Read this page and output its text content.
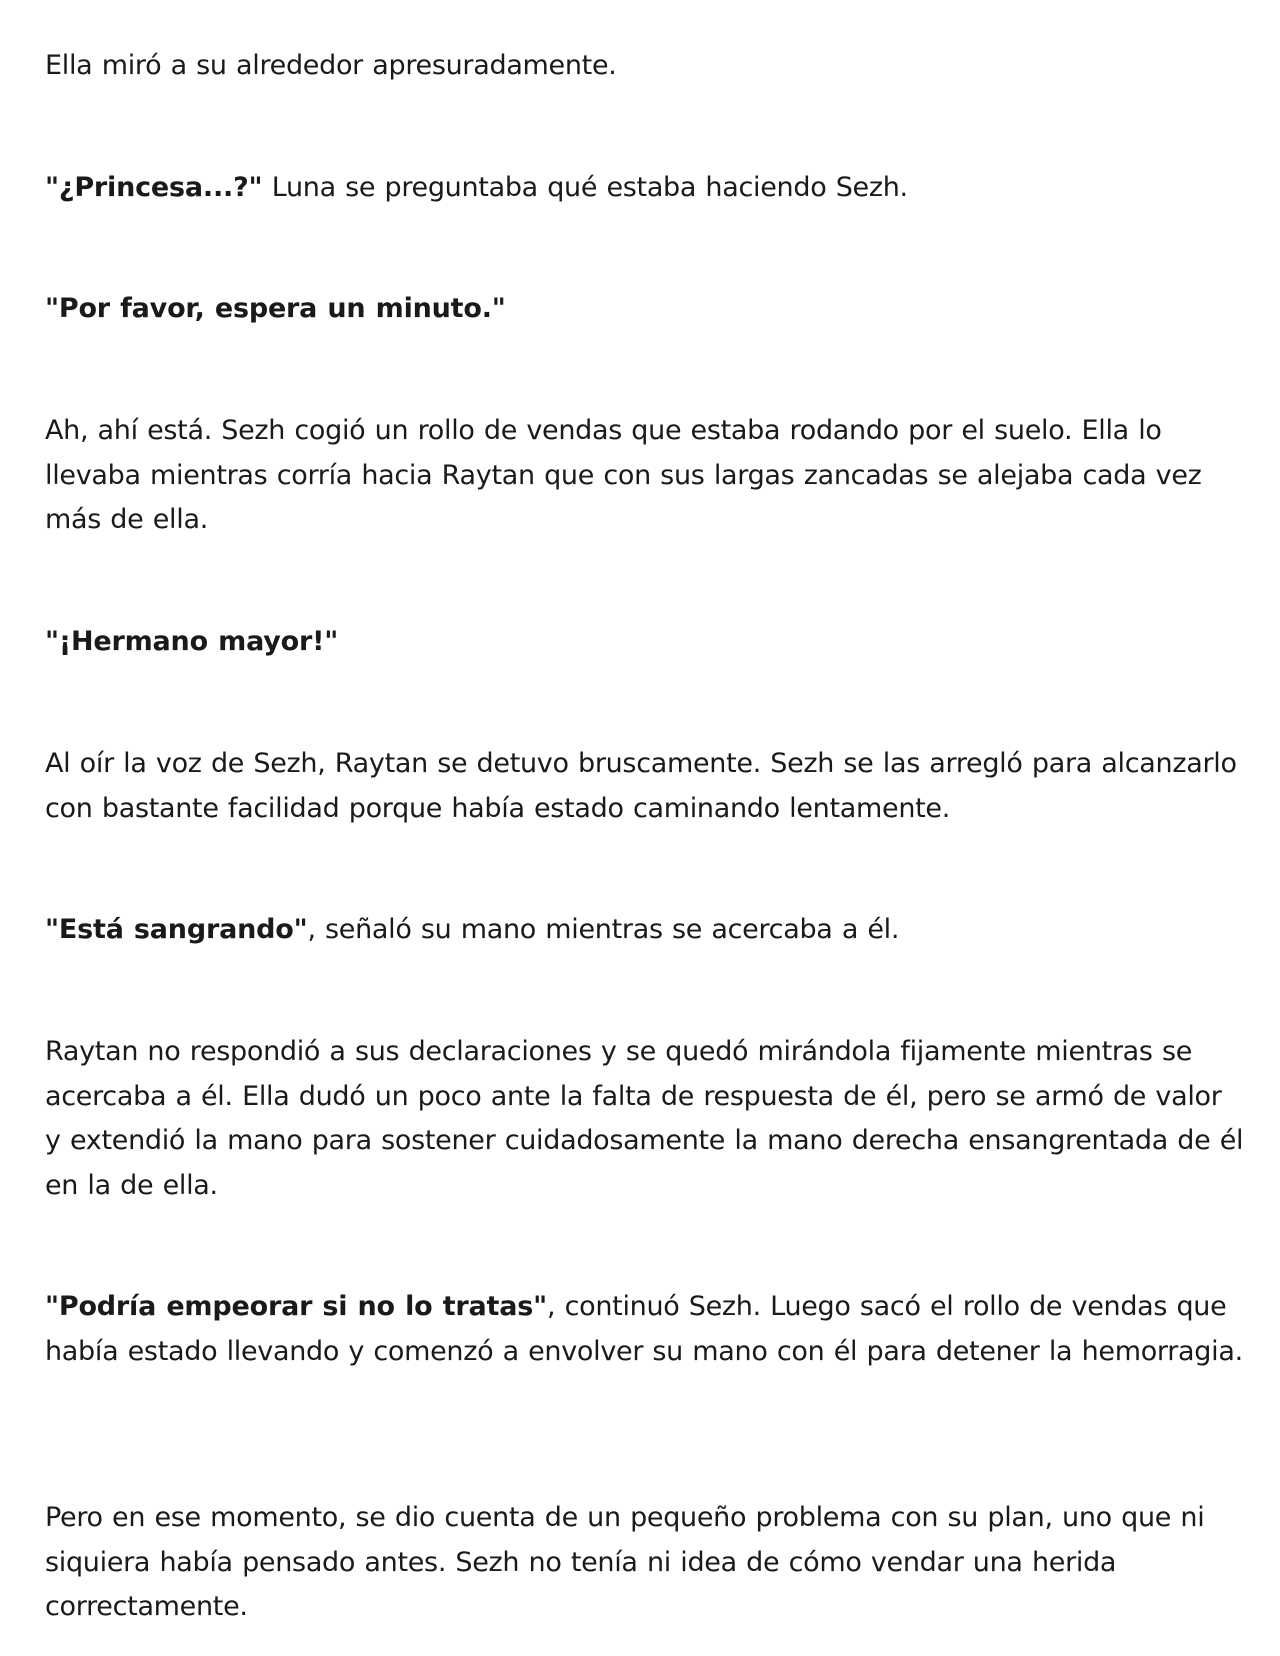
Ella miró a su alrededor apresuradamente.

"¿Princesa...?" Luna se preguntaba qué estaba haciendo Sezh.

"Por favor, espera un minuto."

Ah, ahí está. Sezh cogió un rollo de vendas que estaba rodando por el suelo. Ella lo llevaba mientras corría hacia Raytan que con sus largas zancadas se alejaba cada vez más de ella.

"¡Hermano mayor!"

Al oír la voz de Sezh, Raytan se detuvo bruscamente. Sezh se las arregló para alcanzarlo con bastante facilidad porque había estado caminando lentamente.

"Está sangrando", señaló su mano mientras se acercaba a él.

Raytan no respondió a sus declaraciones y se quedó mirándola fijamente mientras se acercaba a él. Ella dudó un poco ante la falta de respuesta de él, pero se armó de valor y extendió la mano para sostener cuidadosamente la mano derecha ensangrentada de él en la de ella.

"Podría empeorar si no lo tratas", continuó Sezh. Luego sacó el rollo de vendas que había estado llevando y comenzó a envolver su mano con él para detener la hemorragia.

Pero en ese momento, se dio cuenta de un pequeño problema con su plan, uno que ni siquiera había pensado antes. Sezh no tenía ni idea de cómo vendar una herida correctamente.
